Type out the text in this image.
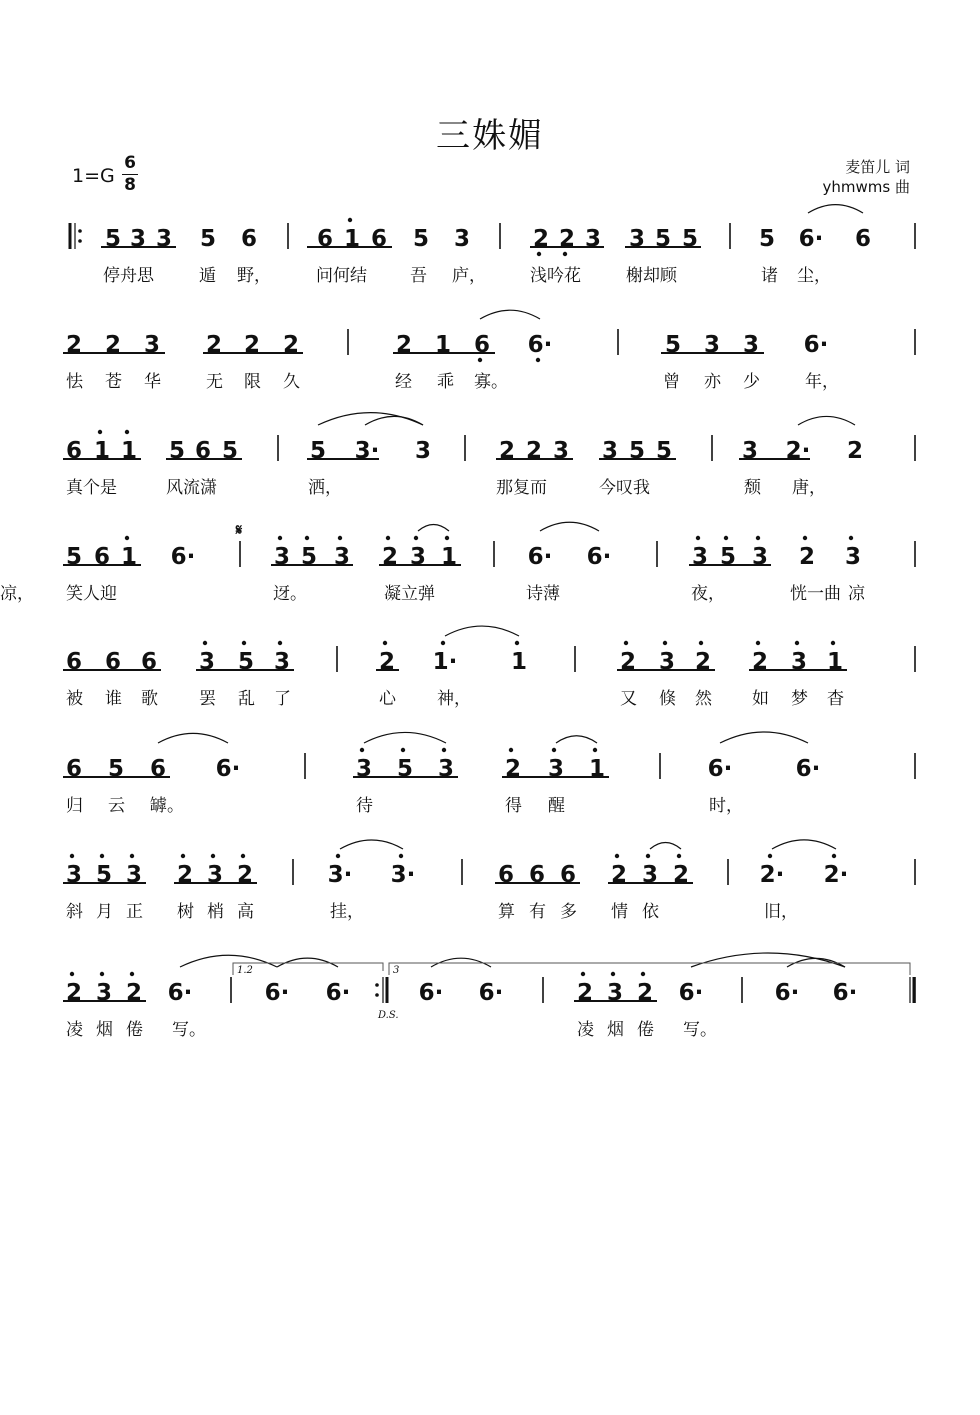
三姝媚
1=G
6
8
麦笛儿 词
yhmwms 曲
5 3 3 5 6	6 1 6 5 3	2 2 3 3 5 5	5 6· 6
停舟思	遁 野，	问何结	吾 庐，	浅吟花	榭却顾	诸 尘，
2 2 3 2 2 2	2 1 6 6·	5 3 3 6·
怯 苍 华	无 限 久	经 乖 寡。	曾 亦 少	年，
6 1 1 5 6 5	5 3· 3	2 2 3 3 5 5	3 2· 2
真个是	风流潇	洒，	那复而	今叹我	颓 唐，
5 6 1 6·	3 5 3 2 3 1	6· 6·	3 5 3 2 3
笑人迎	迓。	凝立弹	诗薄	夜，	恍一曲 凉
凉，
6 6 6 3 5 3	2 1· 1	2 3 2 2 3 1
被 谁 歌 罢 乱 了	心 神，	又 倏 然 如 梦 杳
6 5 6 6·	3 5 3 2 3 1	6·	6·
归 云 罅。	待	得 醒	时，
3 5 3 2 3 2	3· 3·	6 6 6 2 3 2	2· 2·
斜 月 正 树 梢 高	挂，	算 有 多 情 依	旧，
2 3 2 6·	6· 6·	6· 6·	2 3 2 6·	6· 6·
凌 烟 倦 写。	凌 烟 倦 写。
𝄋
1.2	3
D.S.
